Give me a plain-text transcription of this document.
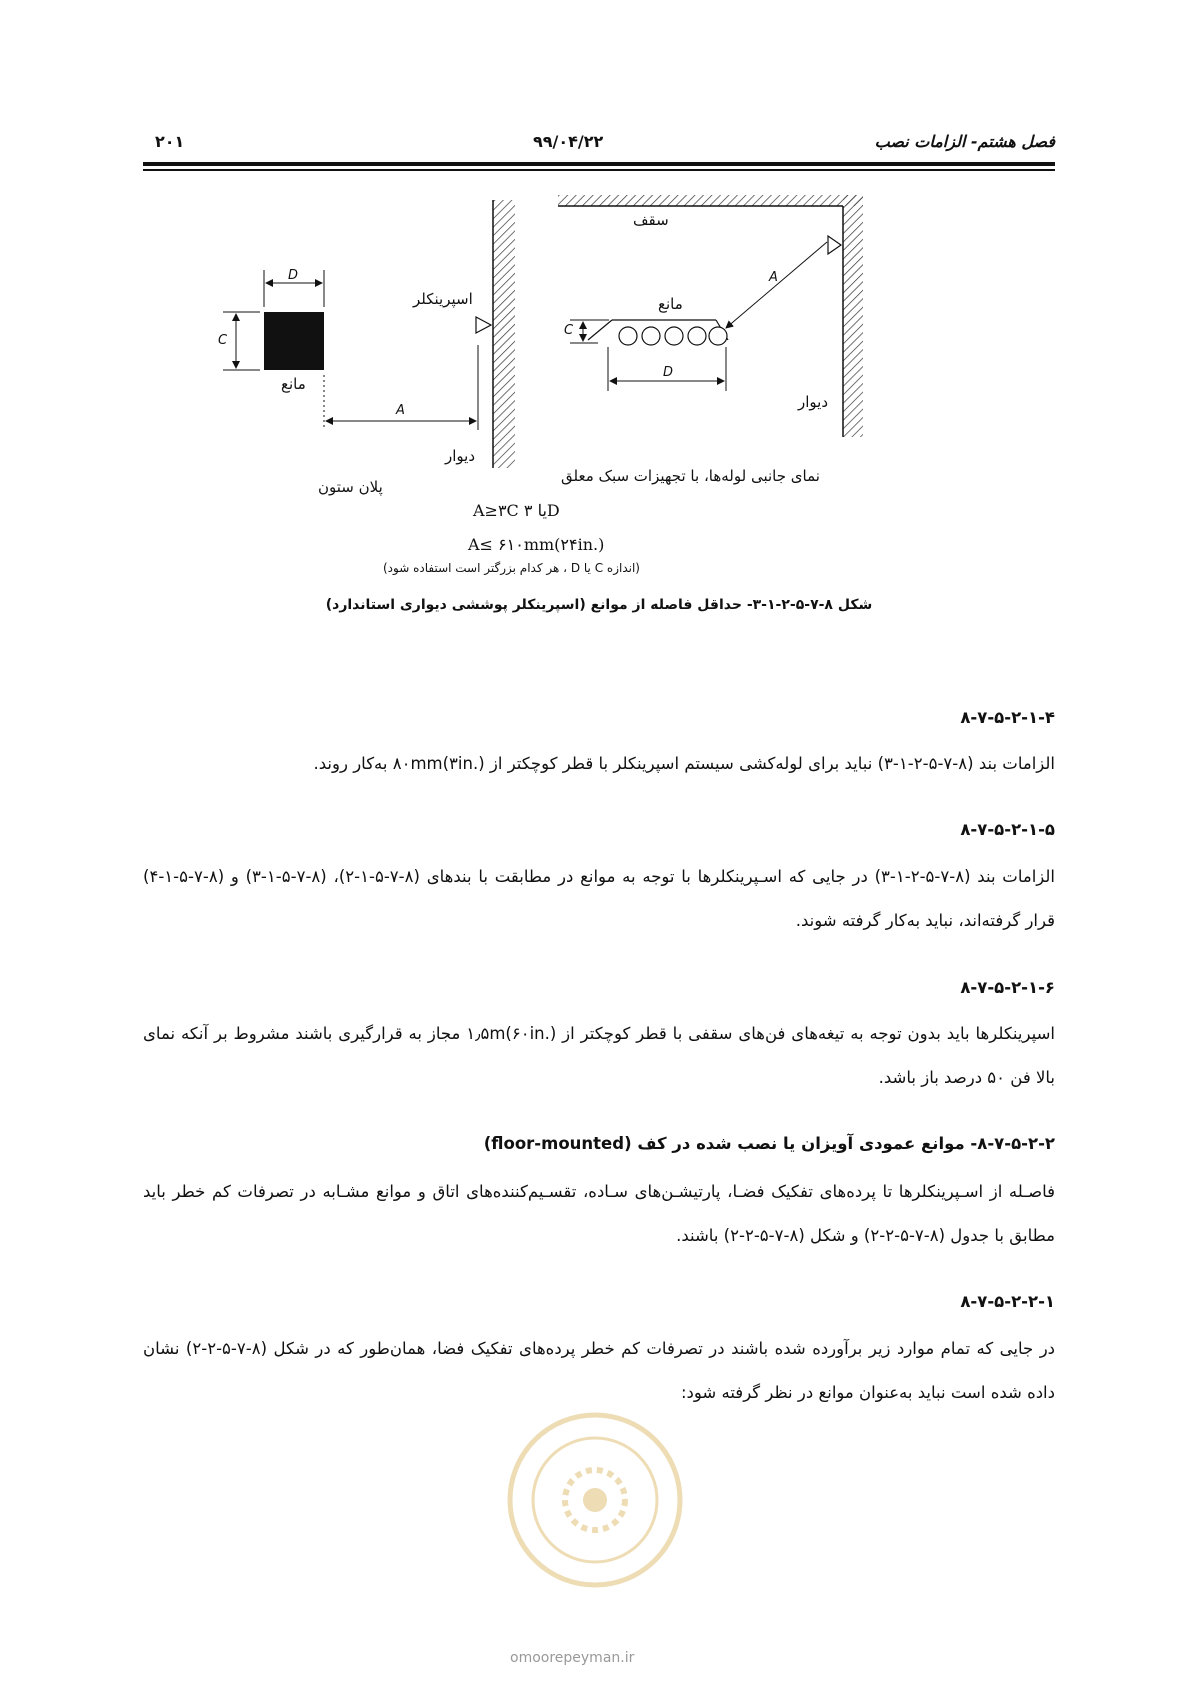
فصل هشتم- الزامات نصب
۹۹/۰۴/۲۲
۲۰۱
D
C
مانع
A
اسپرینکلر
دیوار
پلان ستون
سقف
A
مانع
C
D
دیوار
نمای جانبی لوله‌ها، با تجهیزات سبک معلق
A≥۳C یا ۳D
A≤ ۶۱۰mm(۲۴in.)
(اندازه C یا D ، هر کدام بزرگتر است استفاده شود)
شکل ۸-۷-۵-۲-۱-۳- حداقل فاصله از موانع (اسپرینکلر پوششی دیواری استاندارد)
۸-۷-۵-۲-۱-۴
الزامات بند (۸-۷-۵-۲-۱-۳) نباید برای لوله‌کشی سیستم اسپرینکلر با قطر کوچکتر از ۸۰mm(۳in.) به‌کار روند.
۸-۷-۵-۲-۱-۵
الزامات بند (۸-۷-۵-۲-۱-۳) در جایی که اسـپرینکلرها با توجه به موانع در مطابقت با بندهای (۸-۷-۵-۱-۲)، (۸-۷-۵-۱-۳) و (۸-۷-۵-۱-۴) قرار گرفته‌اند، نباید به‌کار گرفته شوند.
۸-۷-۵-۲-۱-۶
اسپرینکلرها باید بدون توجه به تیغه‌های فن‌های سقفی با قطر کوچکتر از ۱٫۵m(۶۰in.) مجاز به قرارگیری باشند مشروط بر آنکه نمای بالا فن ۵۰ درصد باز باشد.
۸-۷-۵-۲-۲- موانع عمودی آویزان یا نصب شده در کف (floor-mounted)
فاصـله از اسـپرینکلرها تا پرده‌های تفکیک فضـا، پارتیشـن‌های سـاده، تقسـیم‌کننده‌های اتاق و موانع مشـابه در تصرفات کم خطر باید مطابق با جدول (۸-۷-۵-۲-۲) و شکل (۸-۷-۵-۲-۲) باشند.
۸-۷-۵-۲-۲-۱
در جایی که تمام موارد زیر برآورده شده باشند در تصرفات کم خطر پرده‌های تفکیک فضا، همان‌طور که در شکل (۸-۷-۵-۲-۲) نشان داده شده است نباید به‌عنوان موانع در نظر گرفته شود:
omoorepeyman.ir
